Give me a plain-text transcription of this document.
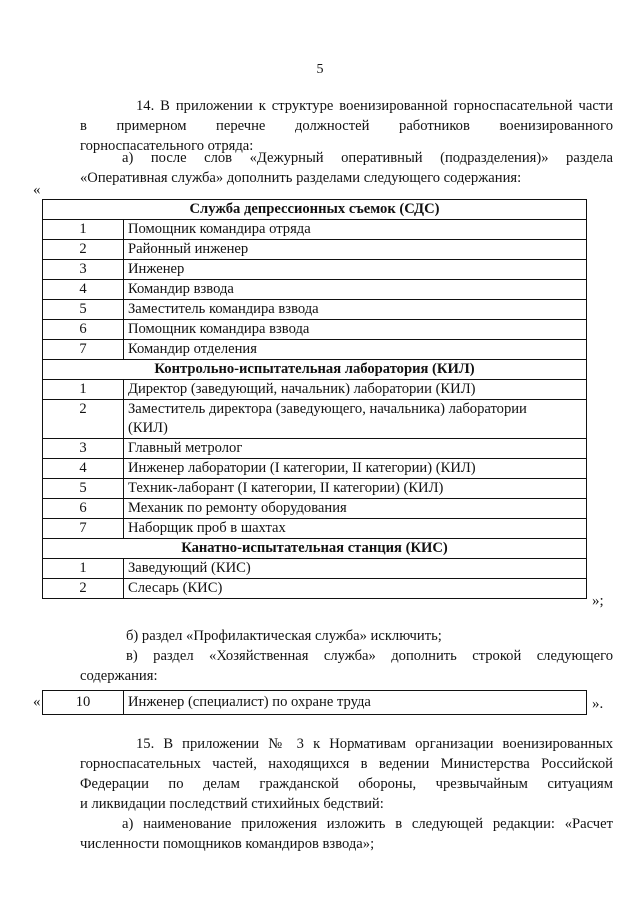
5
14. В приложении к структуре военизированной горноспасательной части
в примерном перечне должностей работников военизированного
горноспасательного отряда:
а) после слов «Дежурный оперативный (подразделения)» раздела
«Оперативная служба» дополнить разделами следующего содержания:
«
Служба депрессионных съемок (СДС)
1	Помощник командира отряда
2	Районный инженер
3	Инженер
4	Командир взвода
5	Заместитель командира взвода
6	Помощник командира взвода
7	Командир отделения
Контрольно-испытательная лаборатория (КИЛ)
1	Директор (заведующий, начальник) лаборатории (КИЛ)
2	Заместитель директора (заведующего, начальника) лаборатории
(КИЛ)
3	Главный метролог
4	Инженер лаборатории (I категории, II категории) (КИЛ)
5	Техник-лаборант (I категории, II категории) (КИЛ)
6	Механик по ремонту оборудования
7	Наборщик проб в шахтах
Канатно-испытательная станция (КИС)
1	Заведующий (КИС)
2	Слесарь (КИС)
»;
б) раздел «Профилактическая служба» исключить;
в) раздел «Хозяйственная служба» дополнить строкой следующего
содержания:
«	10	Инженер (специалист) по охране труда	».
15. В приложении № 3 к Нормативам организации военизированных
горноспасательных частей, находящихся в ведении Министерства Российской
Федерации по делам гражданской обороны, чрезвычайным ситуациям
и ликвидации последствий стихийных бедствий:
а) наименование приложения изложить в следующей редакции: «Расчет
численности помощников командиров взвода»;
